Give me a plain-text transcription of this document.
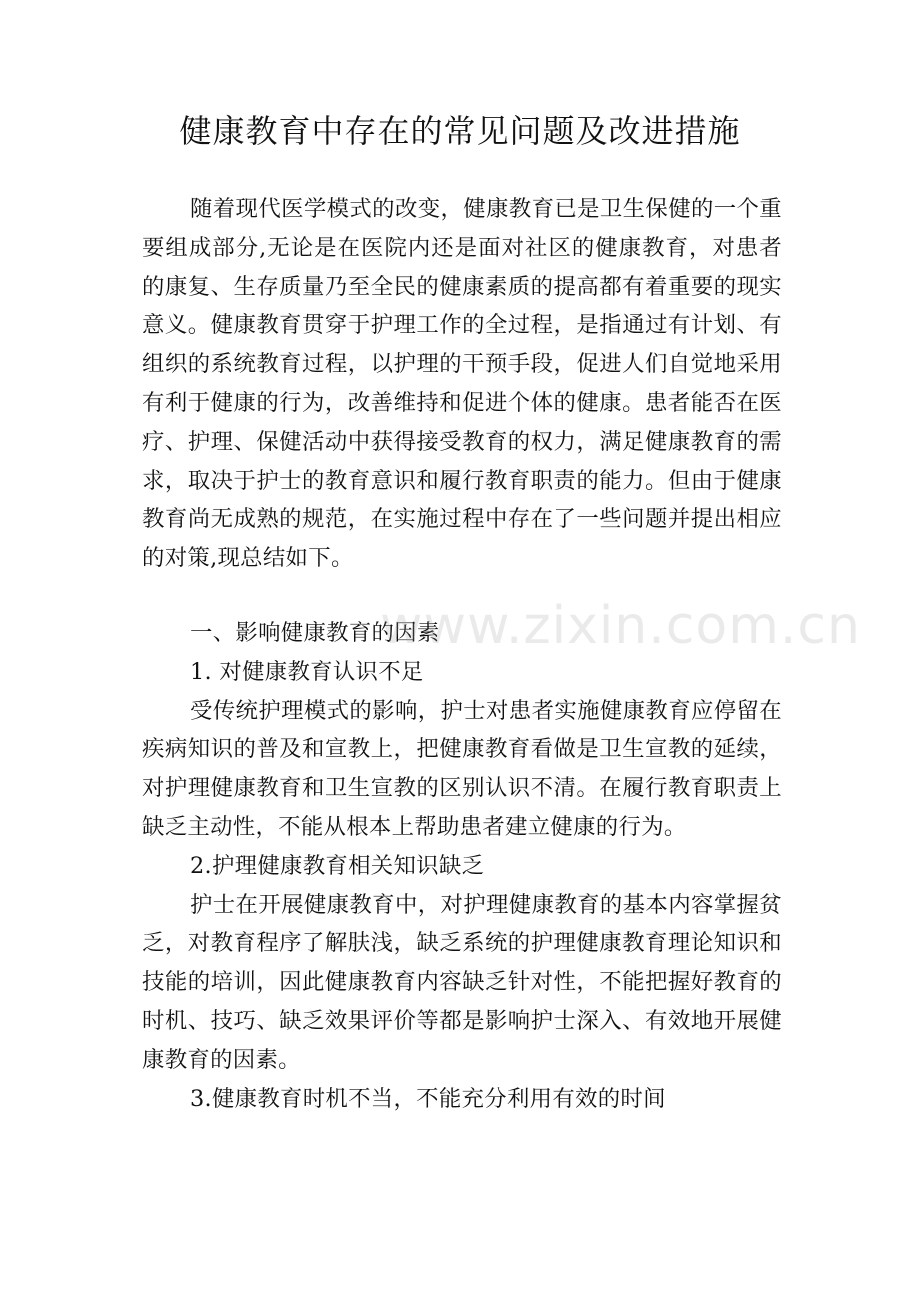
健康教育中存在的常见问题及改进措施

随着现代医学模式的改变，健康教育已是卫生保健的一个重要组成部分,无论是在医院内还是面对社区的健康教育，对患者的康复、生存质量乃至全民的健康素质的提高都有着重要的现实意义。健康教育贯穿于护理工作的全过程，是指通过有计划、有组织的系统教育过程，以护理的干预手段，促进人们自觉地采用有利于健康的行为，改善维持和促进个体的健康。患者能否在医疗、护理、保健活动中获得接受教育的权力，满足健康教育的需求，取决于护士的教育意识和履行教育职责的能力。但由于健康教育尚无成熟的规范，在实施过程中存在了一些问题并提出相应的对策,现总结如下。

一、影响健康教育的因素

1. 对健康教育认识不足

受传统护理模式的影响，护士对患者实施健康教育应停留在疾病知识的普及和宣教上，把健康教育看做是卫生宣教的延续，对护理健康教育和卫生宣教的区别认识不清。在履行教育职责上缺乏主动性，不能从根本上帮助患者建立健康的行为。

2.护理健康教育相关知识缺乏

护士在开展健康教育中，对护理健康教育的基本内容掌握贫乏，对教育程序了解肤浅，缺乏系统的护理健康教育理论知识和技能的培训，因此健康教育内容缺乏针对性，不能把握好教育的时机、技巧、缺乏效果评价等都是影响护士深入、有效地开展健康教育的因素。

3.健康教育时机不当，不能充分利用有效的时间

www.zixin.com.cn
